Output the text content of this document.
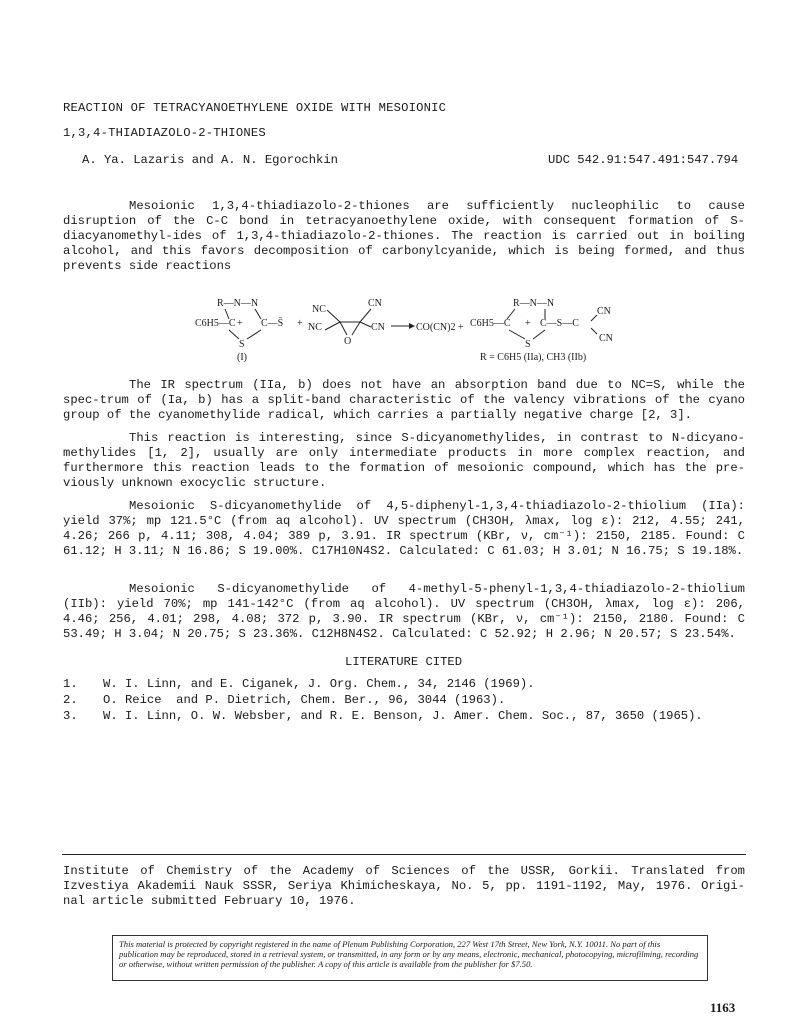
REACTION OF TETRACYANOETHYLENE OXIDE WITH MESOIONIC
1,3,4-THIADIAZOLO-2-THIONES
A. Ya. Lazaris and A. N. Egorochkin	UDC 542.91:547.491:547.794
Mesoionic 1,3,4-thiadiazolo-2-thiones are sufficiently nucleophilic to cause disruption of the C-C bond in tetracyanoethylene oxide, with consequent formation of S-diacyanomethyl-ides of 1,3,4-thiadiazolo-2-thiones. The reaction is carried out in boiling alcohol, and this favors decomposition of carbonylcyanide, which is being formed, and thus prevents side reactions
R—N—N
C6H5—C + C—S̄
S
(I)
+
NC
NC
CN
CN
O
CO(CN)2 +
R—N—N
C6H5—C + C—S—C
S
CN
CN
R = C6H5 (IIa), CH3 (IIb)
The IR spectrum (IIa, b) does not have an absorption band due to NC=S, while the spec-trum of (Ia, b) has a split-band characteristic of the valency vibrations of the cyano group of the cyanomethylide radical, which carries a partially negative charge [2, 3].
This reaction is interesting, since S-dicyanomethylides, in contrast to N-dicyano-methylides [1, 2], usually are only intermediate products in more complex reaction, and furthermore this reaction leads to the formation of mesoionic compound, which has the pre-viously unknown exocyclic structure.
Mesoionic S-dicyanomethylide of 4,5-diphenyl-1,3,4-thiadiazolo-2-thiolium (IIa): yield 37%; mp 121.5°C (from aq alcohol). UV spectrum (CH3OH, λmax, log ε): 212, 4.55; 241, 4.26; 266 p, 4.11; 308, 4.04; 389 p, 3.91. IR spectrum (KBr, ν, cm⁻¹): 2150, 2185. Found: C 61.12; H 3.11; N 16.86; S 19.00%. C17H10N4S2. Calculated: C 61.03; H 3.01; N 16.75; S 19.18%.
Mesoionic S-dicyanomethylide of 4-methyl-5-phenyl-1,3,4-thiadiazolo-2-thiolium (IIb): yield 70%; mp 141-142°C (from aq alcohol). UV spectrum (CH3OH, λmax, log ε): 206, 4.46; 256, 4.01; 298, 4.08; 372 p, 3.90. IR spectrum (KBr, ν, cm⁻¹): 2150, 2180. Found: C 53.49; H 3.04; N 20.75; S 23.36%. C12H8N4S2. Calculated: C 52.92; H 2.96; N 20.57; S 23.54%.
LITERATURE CITED
1. W. I. Linn, and E. Ciganek, J. Org. Chem., 34, 2146 (1969).
2. O. Reice  and P. Dietrich, Chem. Ber., 96, 3044 (1963).
3. W. I. Linn, O. W. Websber, and R. E. Benson, J. Amer. Chem. Soc., 87, 3650 (1965).
Institute of Chemistry of the Academy of Sciences of the USSR, Gorkii. Translated from Izvestiya Akademii Nauk SSSR, Seriya Khimicheskaya, No. 5, pp. 1191-1192, May, 1976. Origi-nal article submitted February 10, 1976.
This material is protected by copyright registered in the name of Plenum Publishing Corporation, 227 West 17th Street, New York, N.Y. 10011. No part of this publication may be reproduced, stored in a retrieval system, or transmitted, in any form or by any means, electronic, mechanical, photocopying, microfilming, recording or otherwise, without written permission of the publisher. A copy of this article is available from the publisher for $7.50.
1163
